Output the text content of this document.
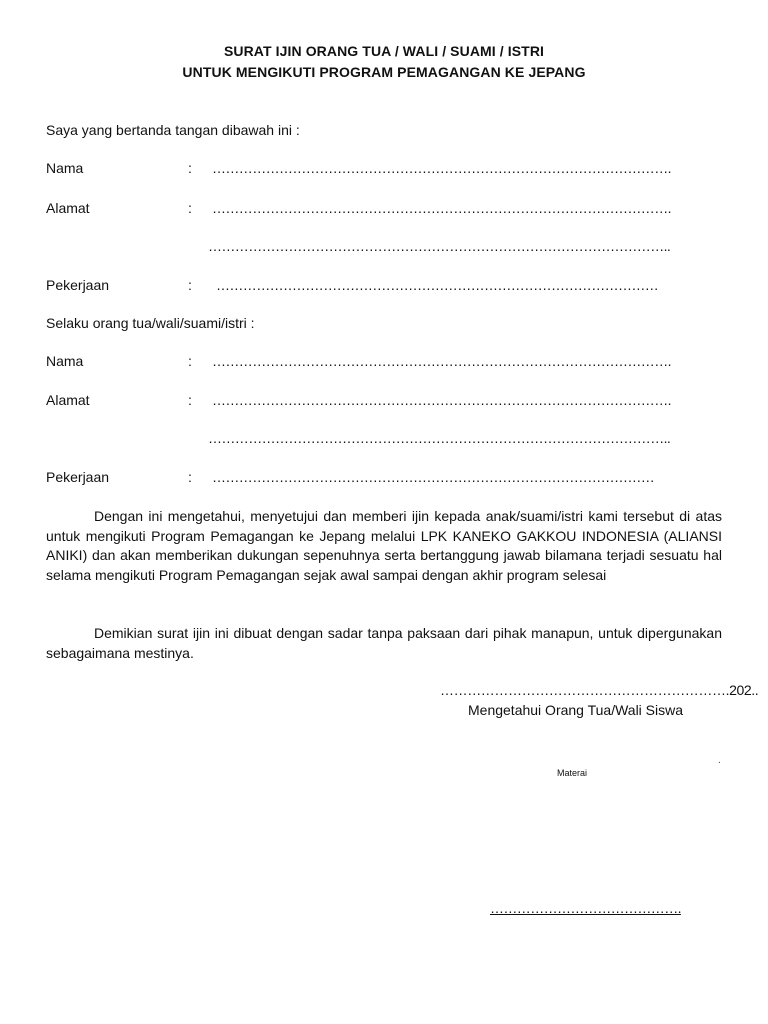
SURAT IJIN ORANG TUA / WALI / SUAMI / ISTRI
UNTUK MENGIKUTI PROGRAM PEMAGANGAN KE JEPANG
Saya yang bertanda tangan dibawah ini :
Nama	: ………………………………………………………………………………………….
Alamat	: ………………………………………………………………………………………….
…………………………………………………………………………………………..
Pekerjaan	: ………………………………………………………………………………………
Selaku orang tua/wali/suami/istri :
Nama	: ………………………………………………………………………………………….
Alamat	: ………………………………………………………………………………………….
…………………………………………………………………………………………..
Pekerjaan	: ………………………………………………………………………………………

Dengan ini mengetahui, menyetujui dan memberi ijin kepada anak/suami/istri kami tersebut di atas untuk mengikuti Program Pemagangan ke Jepang melalui LPK KANEKO GAKKOU INDONESIA (ALIANSI ANIKI) dan akan memberikan dukungan sepenuhnya serta bertanggung jawab bilamana terjadi sesuatu hal selama mengikuti Program Pemagangan sejak awal sampai dengan akhir program selesai

Demikian surat ijin ini dibuat dengan sadar tanpa paksaan dari pihak manapun, untuk dipergunakan sebagaimana mestinya.

……………………………………………………….202..
Mengetahui Orang Tua/Wali Siswa
.
Materai
…………………………………….
